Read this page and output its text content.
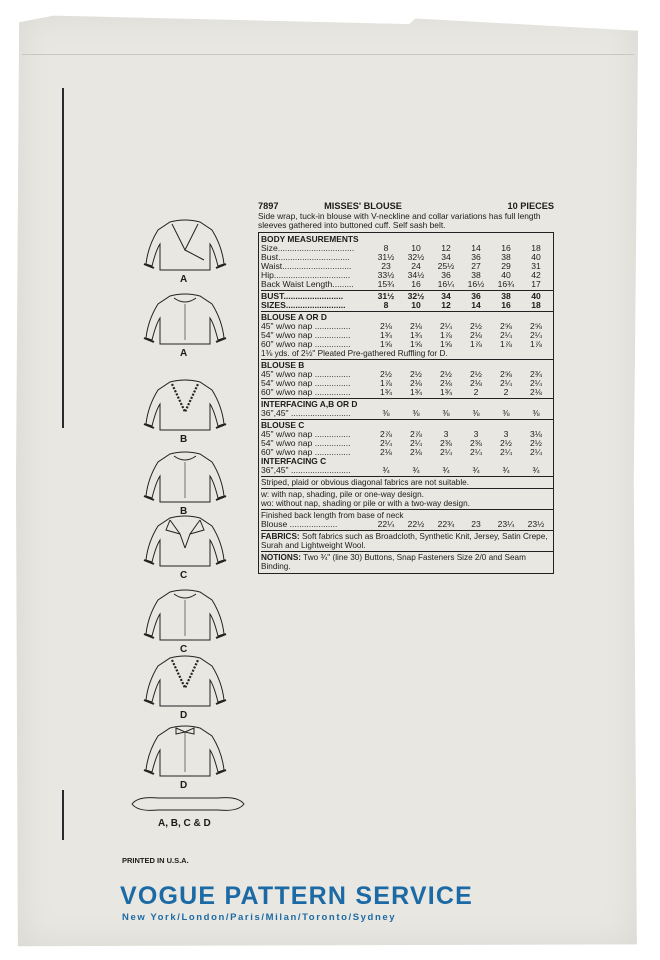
A
A
B
B
C
C
D
D
A, B, C & D
7897	MISSES' BLOUSE	10 PIECES
Side wrap, tuck-in blouse with V-neckline and collar variations has full length sleeves gathered into buttoned cuff. Self sash belt.
BODY MEASUREMENTS
Size................................	8	10	12	14	16	18
Bust..............................	31½	32½	34	36	38	40
Waist.............................	23	24	25½	27	29	31
Hip................................	33½	34½	36	38	40	42
Back Waist Length.........	15¾	16	16¼	16½	16¾	17
BUST.........................	31½	32½	34	36	38	40
SIZES.........................	8	10	12	14	16	18
BLOUSE A OR D
45" w/wo nap ...............	2⅛	2⅛	2¼	2½	2⅝	2⅝
54" w/wo nap ...............	1¾	1¾	1⅞	2⅛	2¼	2¼
60" w/wo nap ...............	1⅝	1⅝	1⅝	1⅞	1⅞	1⅞
1⅜ yds. of 2½" Pleated Pre-gathered Ruffling for D.
BLOUSE B
45" w/wo nap ...............	2½	2½	2½	2½	2⅝	2¾
54" w/wo nap ...............	1⅞	2⅛	2⅛	2⅛	2¼	2¼
60" w/wo nap ...............	1¾	1¾	1¾	2	2	2⅛
INTERFACING A,B OR D
36",45" .........................	⅜	⅜	⅜	⅜	⅜	⅜
BLOUSE C
45" w/wo nap ...............	2⅞	2⅞	3	3	3	3⅛
54" w/wo nap ...............	2¼	2¼	2⅜	2⅜	2½	2½
60" w/wo nap ...............	2⅛	2⅛	2¼	2¼	2¼	2¼
INTERFACING C
36",45" .........................	¾	¾	¾	¾	¾	¾
Striped, plaid or obvious diagonal fabrics are not suitable.
w: with nap, shading, pile or one-way design.
wo: without nap, shading or pile or with a two-way design.
Finished back length from base of neck
Blouse ....................	22¼	22½	22¾	23	23¼	23½
FABRICS: Soft fabrics such as Broadcloth, Synthetic Knit, Jersey, Satin Crepe, Surah and Lightweight Wool.
NOTIONS: Two ¾" (line 30) Buttons, Snap Fasteners Size 2/0 and Seam Binding.
PRINTED IN U.S.A.
VOGUE PATTERN SERVICE
New York/London/Paris/Milan/Toronto/Sydney
